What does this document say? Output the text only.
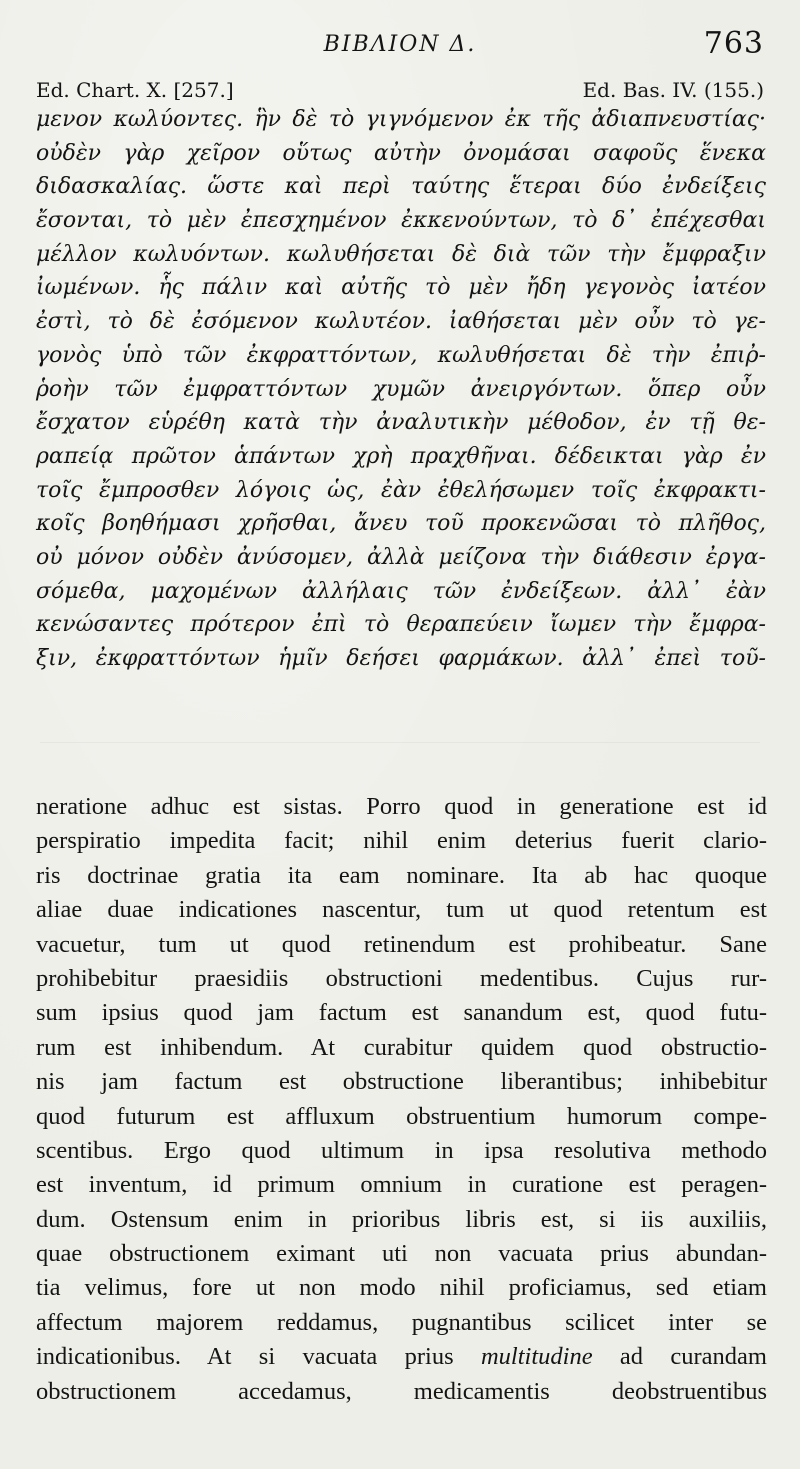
ΒΙΒΛΙΟΝ Δ.	763
Ed. Chart. X. [257.]	Ed. Bas. IV. (155.)
μενον κωλύοντες. ἣν δὲ τὸ γιγνόμενον ἐκ τῆς ἀδιαπνευστίας·
οὐδὲν γὰρ χεῖρον οὕτως αὐτὴν ὀνομάσαι σαφοῦς ἕνεκα
διδασκαλίας. ὥστε καὶ περὶ ταύτης ἕτεραι δύο ἐνδείξεις
ἔσονται, τὸ μὲν ἐπεσχημένον ἐκκενούντων, τὸ δ᾽ ἐπέχεσθαι
μέλλον κωλυόντων. κωλυθήσεται δὲ διὰ τῶν τὴν ἔμφραξιν
ἰωμένων. ἧς πάλιν καὶ αὐτῆς τὸ μὲν ἤδη γεγονὸς ἰατέον
ἐστὶ, τὸ δὲ ἐσόμενον κωλυτέον. ἰαθήσεται μὲν οὖν τὸ γε-
γονὸς ὑπὸ τῶν ἐκφραττόντων, κωλυθήσεται δὲ τὴν ἐπιῤ-
ῥοὴν τῶν ἐμφραττόντων χυμῶν ἀνειργόντων. ὅπερ οὖν
ἔσχατον εὑρέθη κατὰ τὴν ἀναλυτικὴν μέθοδον, ἐν τῇ θε-
ραπείᾳ πρῶτον ἁπάντων χρὴ πραχθῆναι. δέδεικται γὰρ ἐν
τοῖς ἔμπροσθεν λόγοις ὡς, ἐὰν ἐθελήσωμεν τοῖς ἐκφρακτι-
κοῖς βοηθήμασι χρῆσθαι, ἄνευ τοῦ προκενῶσαι τὸ πλῆθος,
οὐ μόνον οὐδὲν ἀνύσομεν, ἀλλὰ μείζονα τὴν διάθεσιν ἐργα-
σόμεθα, μαχομένων ἀλλήλαις τῶν ἐνδείξεων. ἀλλ᾽ ἐὰν
κενώσαντες πρότερον ἐπὶ τὸ θεραπεύειν ἴωμεν τὴν ἔμφρα-
ξιν, ἐκφραττόντων ἡμῖν δεήσει φαρμάκων. ἀλλ᾽ ἐπεὶ τοῦ-
neratione adhuc est sistas. Porro quod in generatione est id
perspiratio impedita facit; nihil enim deterius fuerit clario-
ris doctrinae gratia ita eam nominare. Ita ab hac quoque
aliae duae indicationes nascentur, tum ut quod retentum est
vacuetur, tum ut quod retinendum est prohibeatur. Sane
prohibebitur praesidiis obstructioni medentibus. Cujus rur-
sum ipsius quod jam factum est sanandum est, quod futu-
rum est inhibendum. At curabitur quidem quod obstructio-
nis jam factum est obstructione liberantibus; inhibebitur
quod futurum est affluxum obstruentium humorum compe-
scentibus. Ergo quod ultimum in ipsa resolutiva methodo
est inventum, id primum omnium in curatione est peragen-
dum. Ostensum enim in prioribus libris est, si iis auxiliis,
quae obstructionem eximant uti non vacuata prius abundan-
tia velimus, fore ut non modo nihil proficiamus, sed etiam
affectum majorem reddamus, pugnantibus scilicet inter se
indicationibus. At si vacuata prius multitudine ad curandam
obstructionem accedamus, medicamentis deobstruentibus
